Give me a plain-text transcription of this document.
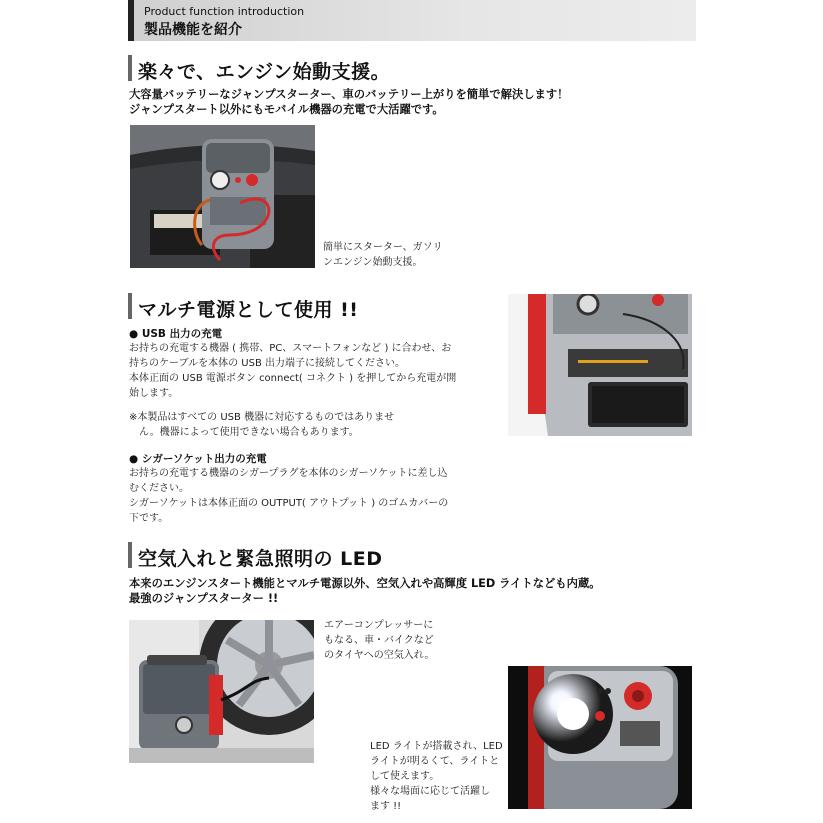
Product function introduction
製品機能を紹介
楽々で、エンジン始動支援。
大容量バッテリーなジャンプスターター、車のバッテリー上がりを簡単で解決します！
ジャンプスタート以外にもモバイル機器の充電で大活躍です。
簡単にスターター、ガソリ
ンエンジン始動支援。
マルチ電源として使用 !!
● USB 出力の充電
お持ちの充電する機器 ( 携帯、PC、スマートフォンなど ) に合わせ、お
持ちのケーブルを本体の USB 出力端子に接続してください。
本体正面の USB 電源ボタン connect( コネクト ) を押してから充電が開
始します。
※本製品はすべての USB 機器に対応するものではありませ
　ん。機器によって使用できない場合もあります。
● シガーソケット出力の充電
お持ちの充電する機器のシガープラグを本体のシガーソケットに差し込
むください。
シガーソケットは本体正面の OUTPUT( アウトプット ) のゴムカバーの
下です。
空気入れと緊急照明の LED
本来のエンジンスタート機能とマルチ電源以外、空気入れや高輝度 LED ライトなども内蔵。
最強のジャンプスターター !!
エアーコンプレッサーに
もなる、車・バイクなど
のタイヤへの空気入れ。
LED ライトが搭載され、LED
ライトが明るくて、ライトと
して使えます。
様々な場面に応じて活躍し
ます !!
